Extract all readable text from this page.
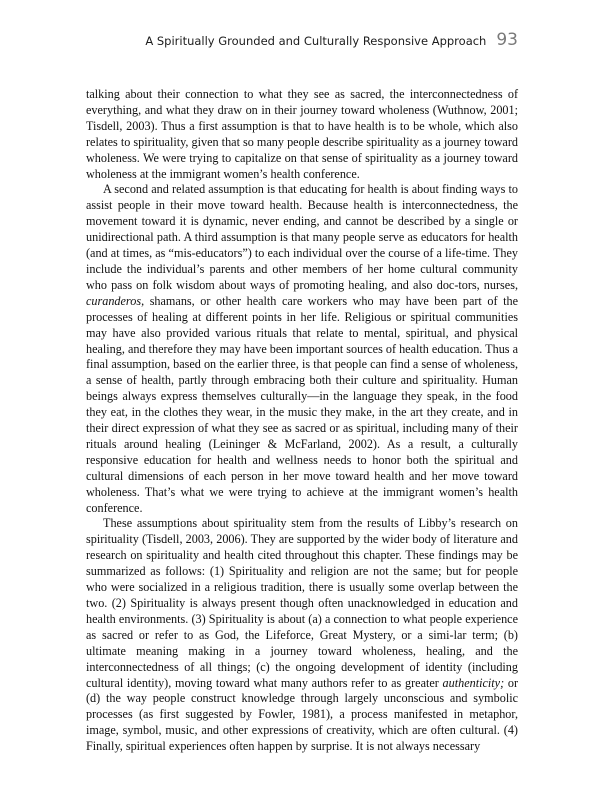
A Spiritually Grounded and Culturally Responsive Approach 93

talking about their connection to what they see as sacred, the interconnectedness of everything, and what they draw on in their journey toward wholeness (Wuthnow, 2001; Tisdell, 2003). Thus a first assumption is that to have health is to be whole, which also relates to spirituality, given that so many people describe spirituality as a journey toward wholeness. We were trying to capitalize on that sense of spirituality as a journey toward wholeness at the immigrant women’s health conference.

A second and related assumption is that educating for health is about finding ways to assist people in their move toward health. Because health is interconnectedness, the movement toward it is dynamic, never ending, and cannot be described by a single or unidirectional path. A third assumption is that many people serve as educators for health (and at times, as “mis-educators”) to each individual over the course of a life-time. They include the individual’s parents and other members of her home cultural community who pass on folk wisdom about ways of promoting healing, and also doc-tors, nurses, curanderos, shamans, or other health care workers who may have been part of the processes of healing at different points in her life. Religious or spiritual communities may have also provided various rituals that relate to mental, spiritual, and physical healing, and therefore they may have been important sources of health education. Thus a final assumption, based on the earlier three, is that people can find a sense of wholeness, a sense of health, partly through embracing both their culture and spirituality. Human beings always express themselves culturally—in the language they speak, in the food they eat, in the clothes they wear, in the music they make, in the art they create, and in their direct expression of what they see as sacred or as spiritual, including many of their rituals around healing (Leininger & McFarland, 2002). As a result, a culturally responsive education for health and wellness needs to honor both the spiritual and cultural dimensions of each person in her move toward health and her move toward wholeness. That’s what we were trying to achieve at the immigrant women’s health conference.

These assumptions about spirituality stem from the results of Libby’s research on spirituality (Tisdell, 2003, 2006). They are supported by the wider body of literature and research on spirituality and health cited throughout this chapter. These findings may be summarized as follows: (1) Spirituality and religion are not the same; but for people who were socialized in a religious tradition, there is usually some overlap between the two. (2) Spirituality is always present though often unacknowledged in education and health environments. (3) Spirituality is about (a) a connection to what people experience as sacred or refer to as God, the Lifeforce, Great Mystery, or a simi-lar term; (b) ultimate meaning making in a journey toward wholeness, healing, and the interconnectedness of all things; (c) the ongoing development of identity (including cultural identity), moving toward what many authors refer to as greater authenticity; or (d) the way people construct knowledge through largely unconscious and symbolic processes (as first suggested by Fowler, 1981), a process manifested in metaphor, image, symbol, music, and other expressions of creativity, which are often cultural. (4) Finally, spiritual experiences often happen by surprise. It is not always necessary
